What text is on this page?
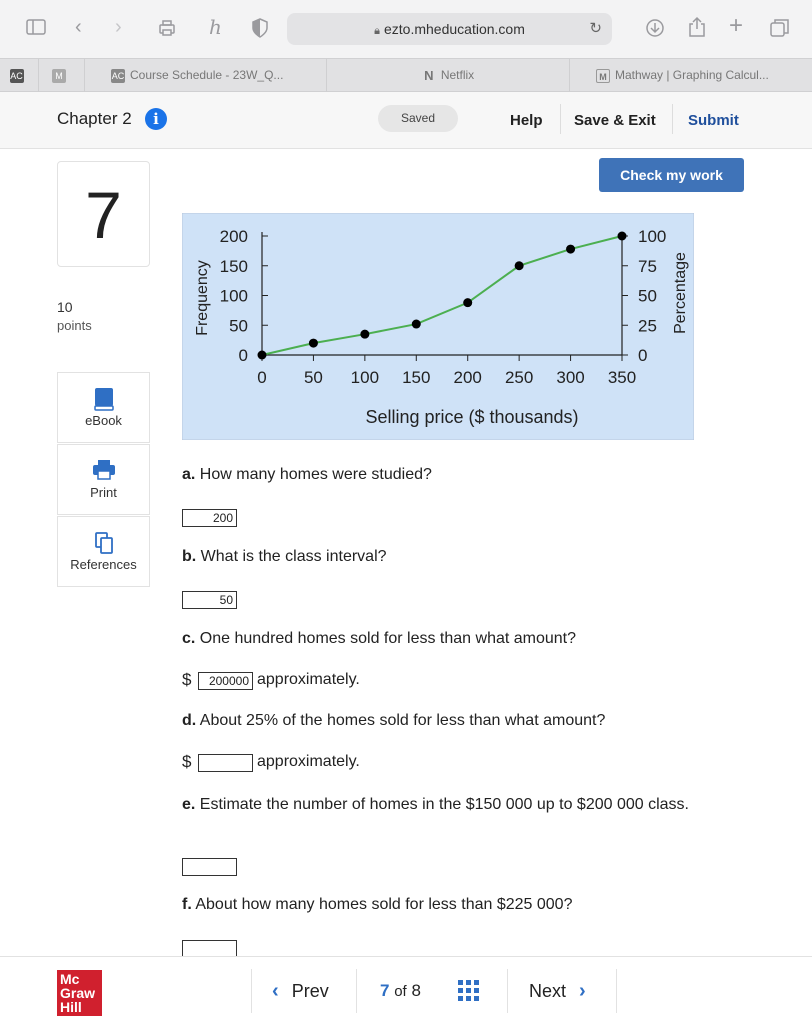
‹ ›	h	🔒︎ ezto.mheducation.com	↻	+
AC	M	AC Course Schedule - 23W_Q...	N Netflix	M Mathway | Graphing Calcul...
Chapter 2	i	Saved	Help Save & Exit Submit
7
10
points
eBook
Print
References
Check my work
0 50 100 150 200 250 300 350
0
50
100
150
200
0
25
50
75
100
Frequency	Percentage
Selling price ($ thousands)
a. How many homes were studied?
200
b. What is the class interval?
50
c. One hundred homes sold for less than what amount?
$	200000 approximately.
d. About 25% of the homes sold for less than what amount?
$	approximately.
e. Estimate the number of homes in the $150 000 up to $200 000 class.
f. About how many homes sold for less than $225 000?
Mc
Graw
Hill
‹ Prev	7 of 8	Next ›
